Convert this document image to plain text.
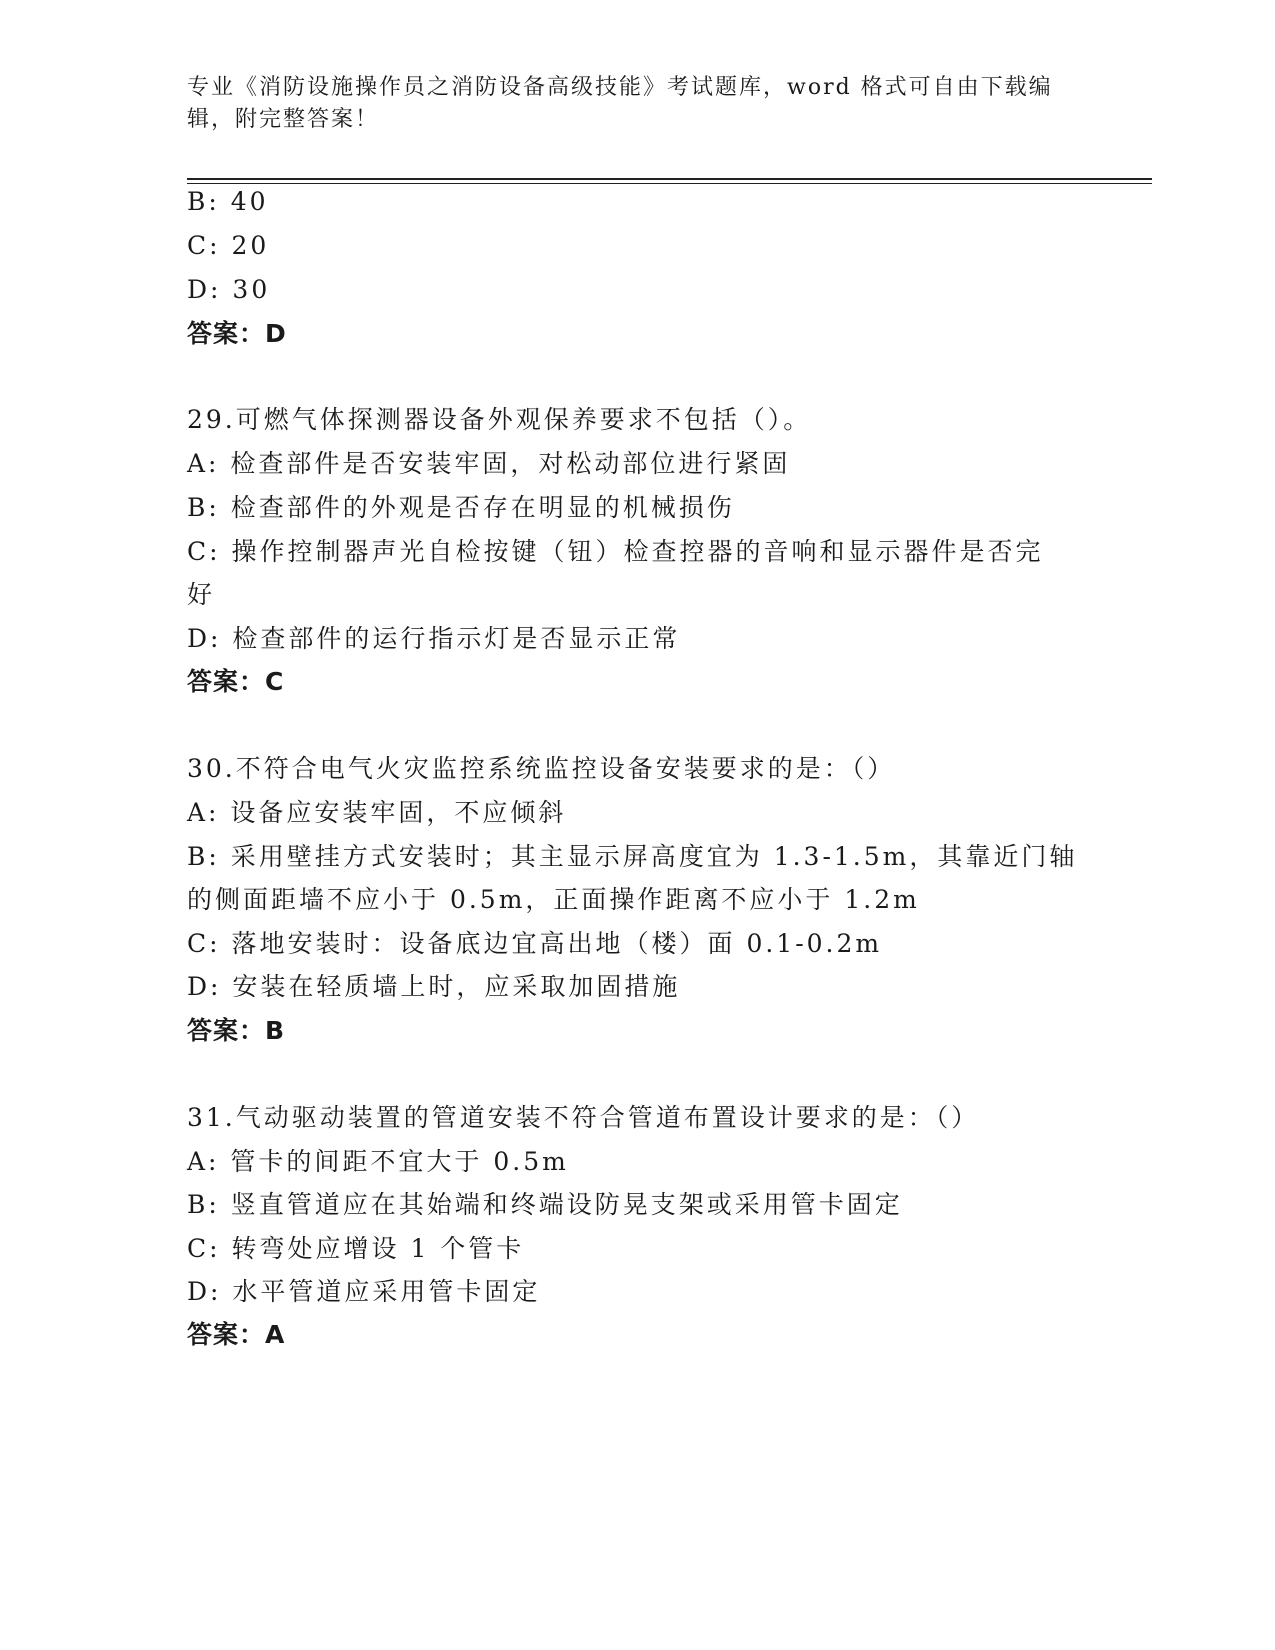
专业《消防设施操作员之消防设备高级技能》考试题库，word 格式可自由下载编
辑，附完整答案！
B: 40
C: 20
D: 30
答案：D
29.可燃气体探测器设备外观保养要求不包括（）。
A: 检查部件是否安装牢固，对松动部位进行紧固
B: 检查部件的外观是否存在明显的机械损伤
C: 操作控制器声光自检按键（钮）检查控器的音响和显示器件是否完
好
D: 检查部件的运行指示灯是否显示正常
答案：C
30.不符合电气火灾监控系统监控设备安装要求的是：（）
A: 设备应安装牢固，不应倾斜
B: 采用壁挂方式安装时；其主显示屏高度宜为 1.3-1.5m，其靠近门轴
的侧面距墙不应小于 0.5m，正面操作距离不应小于 1.2m
C: 落地安装时：设备底边宜高出地（楼）面 0.1-0.2m
D: 安装在轻质墙上时，应采取加固措施
答案：B
31.气动驱动装置的管道安装不符合管道布置设计要求的是：（）
A: 管卡的间距不宜大于 0.5m
B: 竖直管道应在其始端和终端设防晃支架或采用管卡固定
C: 转弯处应增设 1 个管卡
D: 水平管道应采用管卡固定
答案：A
